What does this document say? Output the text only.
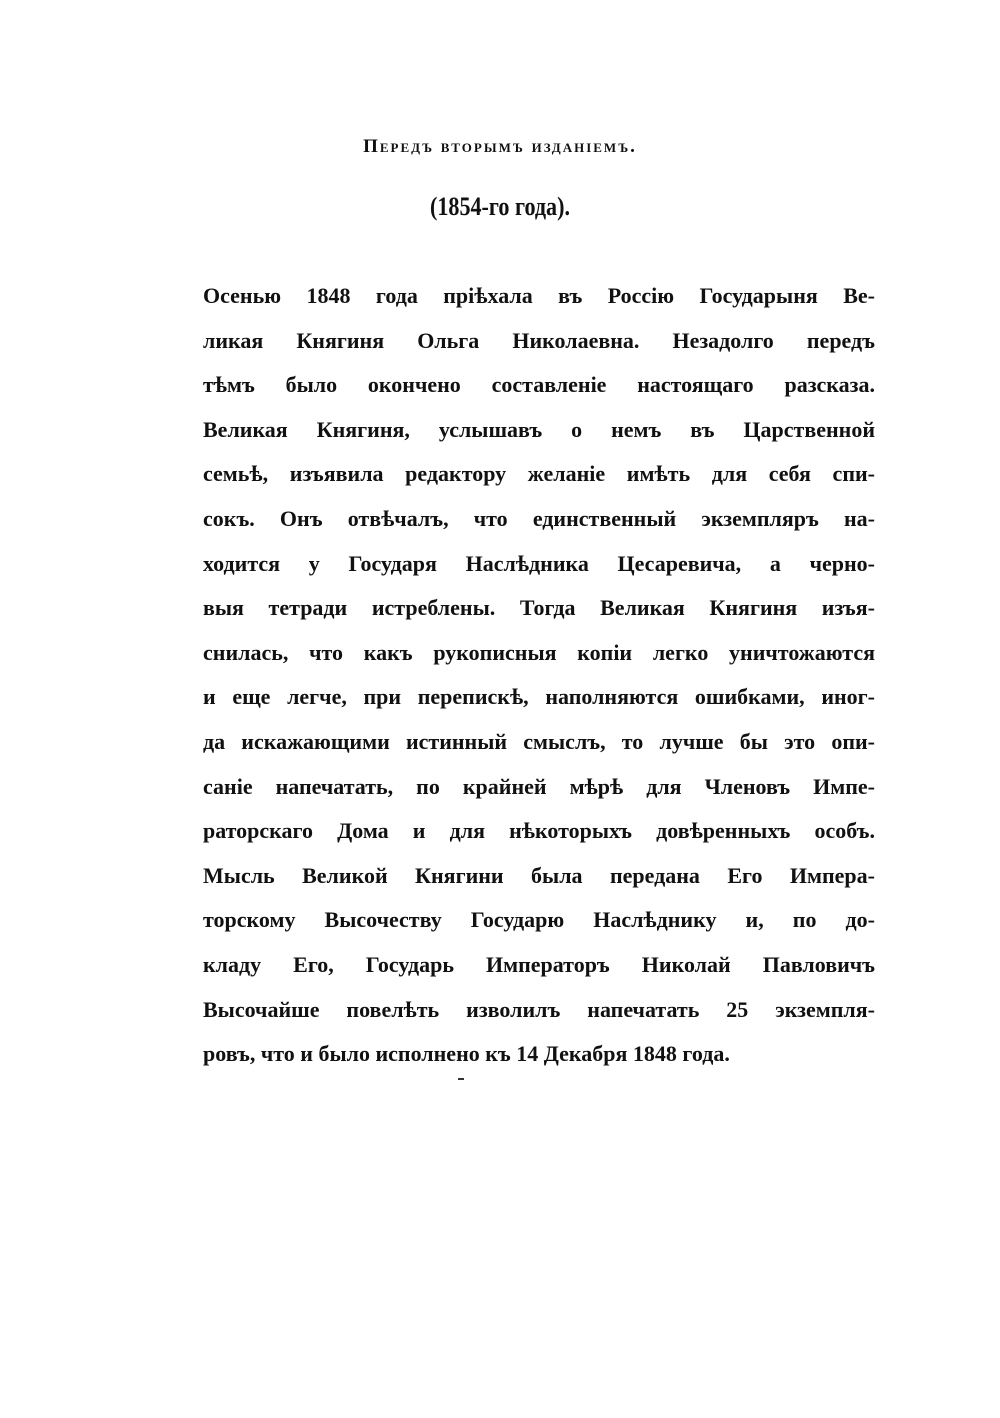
Передъ вторымъ изданіемъ.
(1854-го года).
Осенью 1848 года пріѣхала въ Россію Государыня Ве-
ликая Княгиня Ольга Николаевна. Незадолго передъ
тѣмъ было окончено составленіе настоящаго разсказа.
Великая Княгиня, услышавъ о немъ въ Царственной
семьѣ, изъявила редактору желаніе имѣть для себя спи-
сокъ. Онъ отвѣчалъ, что единственный экземпляръ на-
ходится у Государя Наслѣдника Цесаревича, а черно-
выя тетради истреблены. Тогда Великая Княгиня изъя-
снилась, что какъ рукописныя копіи легко уничтожаются
и еще легче, при перепискѣ, наполняются ошибками, иног-
да искажающими истинный смыслъ, то лучше бы это опи-
саніе напечатать, по крайней мѣрѣ для Членовъ Импе-
раторскаго Дома и для нѣкоторыхъ довѣренныхъ особъ.
Мысль Великой Княгини была передана Его Импера-
торскому Высочеству Государю Наслѣднику и, по до-
кладу Его, Государь Императоръ Николай Павловичъ
Высочайше повелѣть изволилъ напечатать 25 экземпля-
ровъ, что и было исполнено къ 14 Декабря 1848 года.
